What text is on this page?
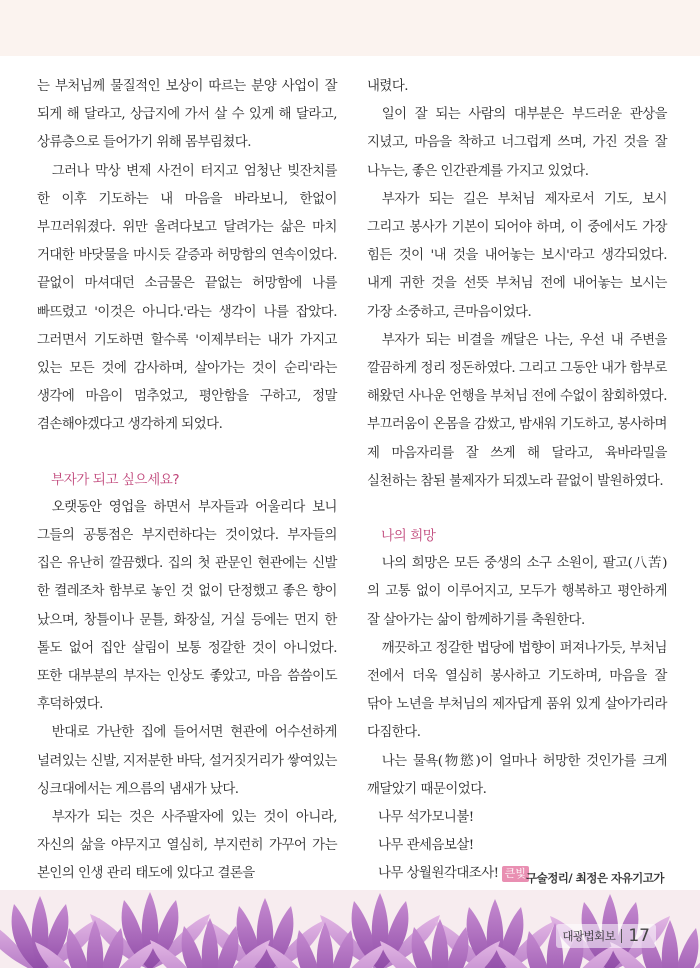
는 부처님께 물질적인 보상이 따르는 분양 사업이 잘 되게 해 달라고, 상급지에 가서 살 수 있게 해 달라고, 상류층으로 들어가기 위해 몸부림쳤다.

그러나 막상 변제 사건이 터지고 엄청난 빚잔치를 한 이후 기도하는 내 마음을 바라보니, 한없이 부끄러워졌다. 위만 올려다보고 달려가는 삶은 마치 거대한 바닷물을 마시듯 갈증과 허망함의 연속이었다. 끝없이 마셔대던 소금물은 끝없는 허망함에 나를 빠뜨렸고 '이것은 아니다.'라는 생각이 나를 잡았다. 그러면서 기도하면 할수록 '이제부터는 내가 가지고 있는 모든 것에 감사하며, 살아가는 것이 순리'라는 생각에 마음이 멈추었고, 평안함을 구하고, 정말 겸손해야겠다고 생각하게 되었다.

부자가 되고 싶으세요?

오랫동안 영업을 하면서 부자들과 어울리다 보니 그들의 공통점은 부지런하다는 것이었다. 부자들의 집은 유난히 깔끔했다. 집의 첫 관문인 현관에는 신발 한 켤레조차 함부로 놓인 것 없이 단정했고 좋은 향이 났으며, 창틀이나 문틀, 화장실, 거실 등에는 먼지 한 톨도 없어 집안 살림이 보통 정갈한 것이 아니었다. 또한 대부분의 부자는 인상도 좋았고, 마음 씀씀이도 후덕하였다.

반대로 가난한 집에 들어서면 현관에 어수선하게 널려있는 신발, 지저분한 바닥, 설거짓거리가 쌓여있는 싱크대에서는 게으름의 냄새가 났다.

부자가 되는 것은 사주팔자에 있는 것이 아니라, 자신의 삶을 야무지고 열심히, 부지런히 가꾸어 가는 본인의 인생 관리 태도에 있다고 결론을

내렸다.

일이 잘 되는 사람의 대부분은 부드러운 관상을 지녔고, 마음을 착하고 너그럽게 쓰며, 가진 것을 잘 나누는, 좋은 인간관계를 가지고 있었다.

부자가 되는 길은 부처님 제자로서 기도, 보시 그리고 봉사가 기본이 되어야 하며, 이 중에서도 가장 힘든 것이 '내 것을 내어놓는 보시'라고 생각되었다. 내게 귀한 것을 선뜻 부처님 전에 내어놓는 보시는 가장 소중하고, 큰마음이었다.

부자가 되는 비결을 깨달은 나는, 우선 내 주변을 깔끔하게 정리 정돈하였다. 그리고 그동안 내가 함부로 해왔던 사나운 언행을 부처님 전에 수없이 참회하였다. 부끄러움이 온몸을 감쌌고, 밤새워 기도하고, 봉사하며 제 마음자리를 잘 쓰게 해 달라고, 육바라밀을 실천하는 참된 불제자가 되겠노라 끝없이 발원하였다.

나의 희망

나의 희망은 모든 중생의 소구 소원이, 팔고(八苦)의 고통 없이 이루어지고, 모두가 행복하고 평안하게 잘 살아가는 삶이 함께하기를 축원한다.

깨끗하고 정갈한 법당에 법향이 퍼져나가듯, 부처님 전에서 더욱 열심히 봉사하고 기도하며, 마음을 잘 닦아 노년을 부처님의 제자답게 품위 있게 살아가리라 다짐한다.

나는 물욕(物慾)이 얼마나 허망한 것인가를 크게 깨달았기 때문이었다.

나무 석가모니불!
나무 관세음보살!
나무 상월원각대조사! 큰빛 구술정리/ 최정은 자유기고가
대광법회보 17
